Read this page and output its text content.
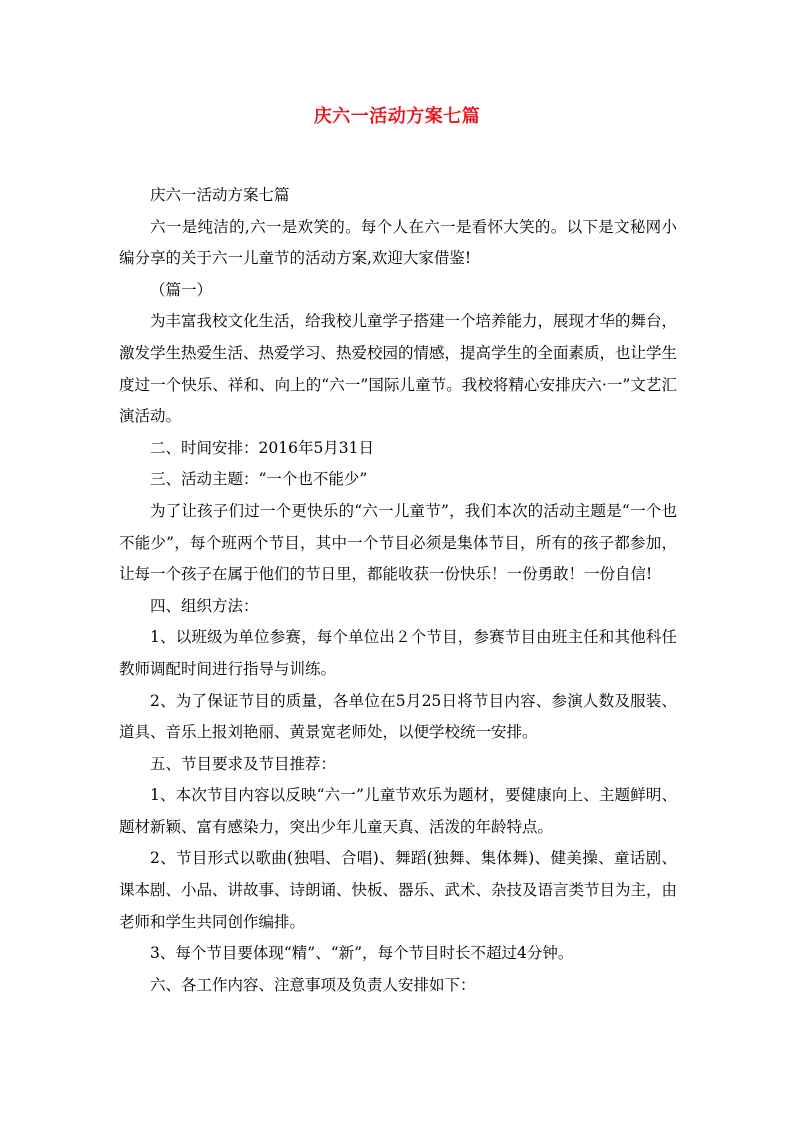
庆六一活动方案七篇

庆六一活动方案七篇

六一是纯洁的,六一是欢笑的。每个人在六一是看怀大笑的。以下是文秘网小编分享的关于六一儿童节的活动方案,欢迎大家借鉴!

（篇一）

为丰富我校文化生活，给我校儿童学子搭建一个培养能力，展现才华的舞台，激发学生热爱生活、热爱学习、热爱校园的情感，提高学生的全面素质，也让学生度过一个快乐、祥和、向上的“六一”国际儿童节。我校将精心安排庆六·一”文艺汇演活动。

二、时间安排：2016年5月31日

三、活动主题：“一个也不能少”

为了让孩子们过一个更快乐的“六一儿童节”，我们本次的活动主题是“一个也不能少”，每个班两个节目，其中一个节目必须是集体节目，所有的孩子都参加，让每一个孩子在属于他们的节日里，都能收获一份快乐！一份勇敢！一份自信!

四、组织方法：

1、以班级为单位参赛，每个单位出２个节目，参赛节目由班主任和其他科任教师调配时间进行指导与训练。

2、为了保证节目的质量，各单位在5月25日将节目内容、参演人数及服装、道具、音乐上报刘艳丽、黄景宽老师处，以便学校统一安排。

五、节目要求及节目推荐：

1、本次节目内容以反映“六一”儿童节欢乐为题材，要健康向上、主题鲜明、题材新颖、富有感染力，突出少年儿童天真、活泼的年龄特点。

2、节目形式以歌曲(独唱、合唱)、舞蹈(独舞、集体舞)、健美操、童话剧、课本剧、小品、讲故事、诗朗诵、快板、器乐、武术、杂技及语言类节目为主，由老师和学生共同创作编排。

3、每个节目要体现“精”、“新”，每个节目时长不超过4分钟。

六、各工作内容、注意事项及负责人安排如下：
